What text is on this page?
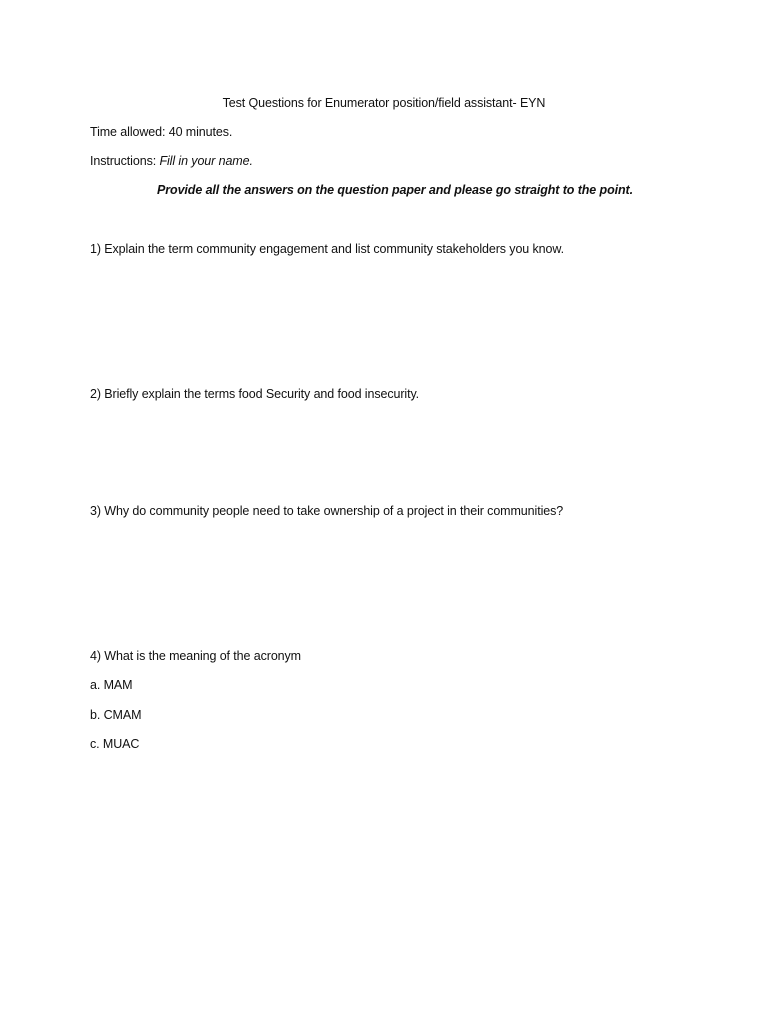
Test Questions for Enumerator position/field assistant- EYN
Time allowed: 40 minutes.
Instructions: Fill in your name.
Provide all the answers on the question paper and please go straight to the point.
1) Explain the term community engagement and list community stakeholders you know.
2) Briefly explain the terms food Security and food insecurity.
3) Why do community people need to take ownership of a project in their communities?
4) What is the meaning of the acronym
a. MAM
b. CMAM
c. MUAC
